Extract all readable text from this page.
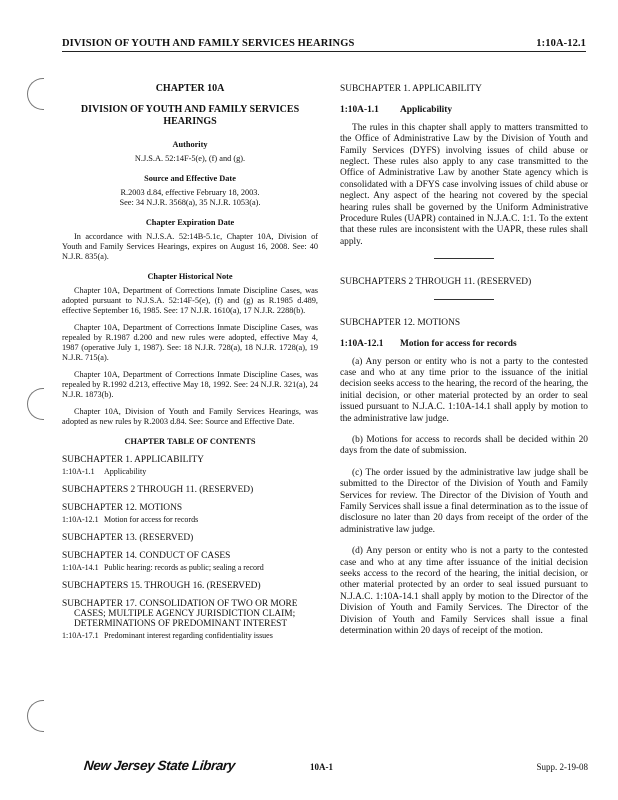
DIVISION OF YOUTH AND FAMILY SERVICES HEARINGS	1:10A-12.1
CHAPTER 10A
DIVISION OF YOUTH AND FAMILY SERVICES HEARINGS
Authority
N.J.S.A. 52:14F-5(e), (f) and (g).
Source and Effective Date
R.2003 d.84, effective February 18, 2003.
See: 34 N.J.R. 3568(a), 35 N.J.R. 1053(a).
Chapter Expiration Date
In accordance with N.J.S.A. 52:14B-5.1c, Chapter 10A, Division of Youth and Family Services Hearings, expires on August 16, 2008. See: 40 N.J.R. 835(a).
Chapter Historical Note
Chapter 10A, Department of Corrections Inmate Discipline Cases, was adopted pursuant to N.J.S.A. 52:14F-5(e), (f) and (g) as R.1985 d.489, effective September 16, 1985. See: 17 N.J.R. 1610(a), 17 N.J.R. 2288(b).
Chapter 10A, Department of Corrections Inmate Discipline Cases, was repealed by R.1987 d.200 and new rules were adopted, effective May 4, 1987 (operative July 1, 1987). See: 18 N.J.R. 728(a), 18 N.J.R. 1728(a), 19 N.J.R. 715(a).
Chapter 10A, Department of Corrections Inmate Discipline Cases, was repealed by R.1992 d.213, effective May 18, 1992. See: 24 N.J.R. 321(a), 24 N.J.R. 1873(b).
Chapter 10A, Division of Youth and Family Services Hearings, was adopted as new rules by R.2003 d.84. See: Source and Effective Date.
CHAPTER TABLE OF CONTENTS
SUBCHAPTER 1. APPLICABILITY
1:10A-1.1 Applicability
SUBCHAPTERS 2 THROUGH 11. (RESERVED)
SUBCHAPTER 12. MOTIONS
1:10A-12.1 Motion for access for records
SUBCHAPTER 13. (RESERVED)
SUBCHAPTER 14. CONDUCT OF CASES
1:10A-14.1 Public hearing: records as public; sealing a record
SUBCHAPTERS 15. THROUGH 16. (RESERVED)
SUBCHAPTER 17. CONSOLIDATION OF TWO OR MORE
CASES; MULTIPLE AGENCY JURISDICTION CLAIM; DETERMINATIONS OF PREDOMINANT INTEREST
1:10A-17.1 Predominant interest regarding confidentiality issues
SUBCHAPTER 1. APPLICABILITY
1:10A-1.1 Applicability
The rules in this chapter shall apply to matters transmitted to the Office of Administrative Law by the Division of Youth and Family Services (DYFS) involving issues of child abuse or neglect. These rules also apply to any case transmitted to the Office of Administrative Law by another State agency which is consolidated with a DFYS case involving issues of child abuse or neglect. Any aspect of the hearing not covered by the special hearing rules shall be governed by the Uniform Administrative Procedure Rules (UAPR) contained in N.J.A.C. 1:1. To the extent that these rules are inconsistent with the UAPR, these rules shall apply.
SUBCHAPTERS 2 THROUGH 11. (RESERVED)
SUBCHAPTER 12. MOTIONS
1:10A-12.1 Motion for access for records
(a) Any person or entity who is not a party to the contested case and who at any time prior to the issuance of the initial decision seeks access to the hearing, the record of the hearing, the initial decision, or other material protected by an order to seal issued pursuant to N.J.A.C. 1:10A-14.1 shall apply by motion to the administrative law judge.
(b) Motions for access to records shall be decided within 20 days from the date of submission.
(c) The order issued by the administrative law judge shall be submitted to the Director of the Division of Youth and Family Services for review. The Director of the Division of Youth and Family Services shall issue a final determination as to the issue of disclosure no later than 20 days from receipt of the order of the administrative law judge.
(d) Any person or entity who is not a party to the contested case and who at any time after issuance of the initial decision seeks access to the record of the hearing, the initial decision, or other material protected by an order to seal issued pursuant to N.J.A.C. 1:10A-14.1 shall apply by motion to the Director of the Division of Youth and Family Services. The Director of the Division of Youth and Family Services shall issue a final determination within 20 days of receipt of the motion.
New Jersey State Library	10A-1	Supp. 2-19-08
